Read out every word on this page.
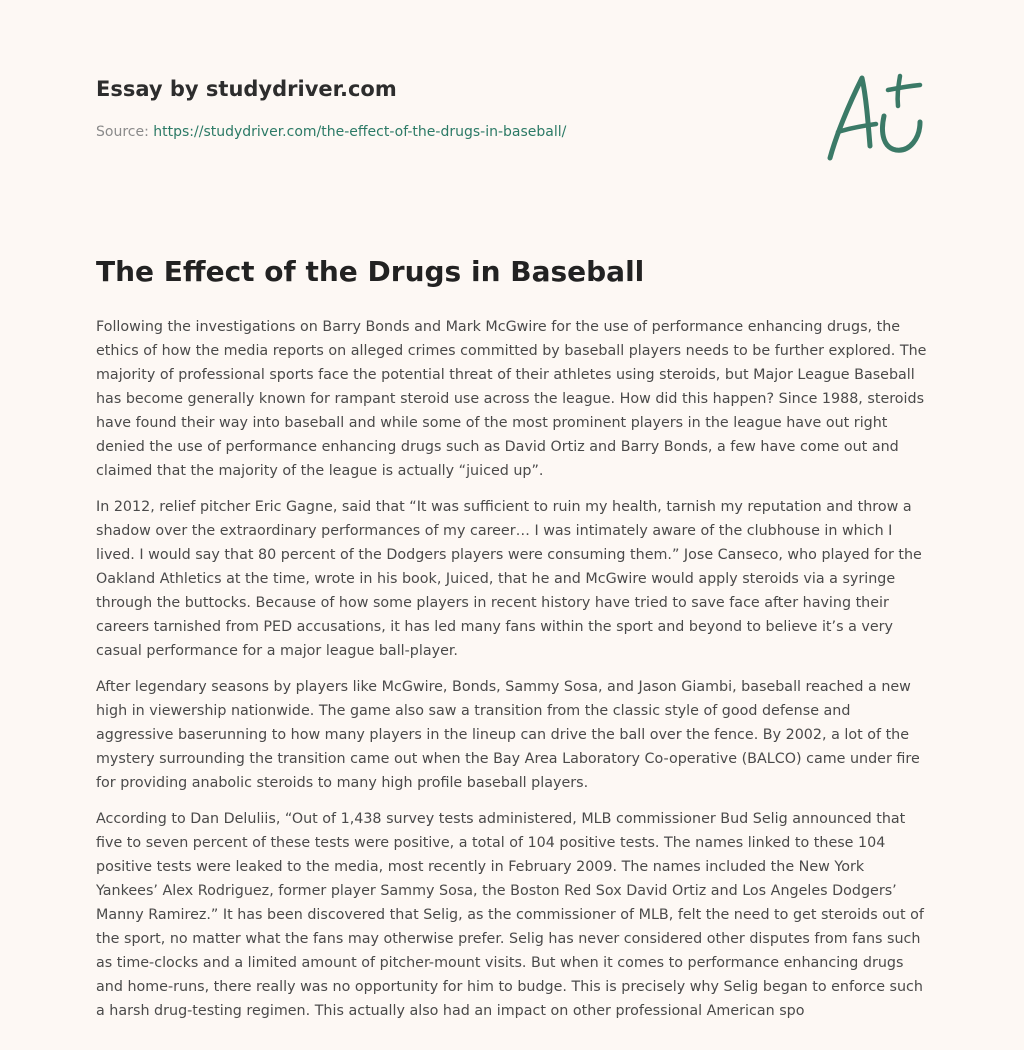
Essay by studydriver.com
Source: https://studydriver.com/the-effect-of-the-drugs-in-baseball/
The Effect of the Drugs in Baseball

Following the investigations on Barry Bonds and Mark McGwire for the use of performance enhancing drugs, the ethics of how the media reports on alleged crimes committed by baseball players needs to be further explored. The majority of professional sports face the potential threat of their athletes using steroids, but Major League Baseball has become generally known for rampant steroid use across the league. How did this happen? Since 1988, steroids have found their way into baseball and while some of the most prominent players in the league have out right denied the use of performance enhancing drugs such as David Ortiz and Barry Bonds, a few have come out and claimed that the majority of the league is actually “juiced up”.

In 2012, relief pitcher Eric Gagne, said that “It was sufficient to ruin my health, tarnish my reputation and throw a shadow over the extraordinary performances of my career… I was intimately aware of the clubhouse in which I lived. I would say that 80 percent of the Dodgers players were consuming them.” Jose Canseco, who played for the Oakland Athletics at the time, wrote in his book, Juiced, that he and McGwire would apply steroids via a syringe through the buttocks. Because of how some players in recent history have tried to save face after having their careers tarnished from PED accusations, it has led many fans within the sport and beyond to believe it’s a very casual performance for a major league ball-player.

After legendary seasons by players like McGwire, Bonds, Sammy Sosa, and Jason Giambi, baseball reached a new high in viewership nationwide. The game also saw a transition from the classic style of good defense and aggressive baserunning to how many players in the lineup can drive the ball over the fence. By 2002, a lot of the mystery surrounding the transition came out when the Bay Area Laboratory Co-operative (BALCO) came under fire for providing anabolic steroids to many high profile baseball players.

According to Dan Deluliis, “Out of 1,438 survey tests administered, MLB commissioner Bud Selig announced that five to seven percent of these tests were positive, a total of 104 positive tests. The names linked to these 104 positive tests were leaked to the media, most recently in February 2009. The names included the New York Yankees’ Alex Rodriguez, former player Sammy Sosa, the Boston Red Sox David Ortiz and Los Angeles Dodgers’ Manny Ramirez.” It has been discovered that Selig, as the commissioner of MLB, felt the need to get steroids out of the sport, no matter what the fans may otherwise prefer. Selig has never considered other disputes from fans such as time-clocks and a limited amount of pitcher-mount visits. But when it comes to performance enhancing drugs and home-runs, there really was no opportunity for him to budge. This is precisely why Selig began to enforce such a harsh drug-testing regimen. This actually also had an impact on other professional American spo
